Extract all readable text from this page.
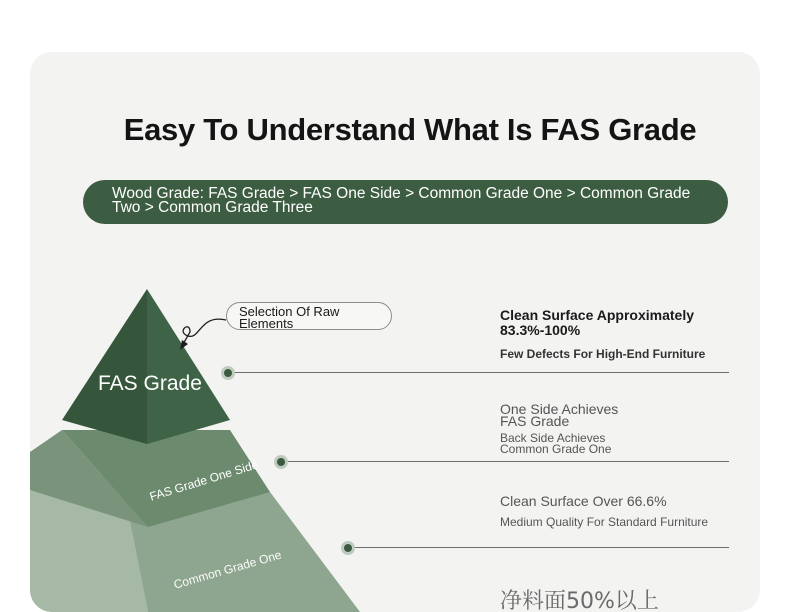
Easy To Understand What Is FAS Grade
Wood Grade: FAS Grade > FAS One Side > Common Grade One > Common Grade Two > Common Grade Three
Selection Of Raw Elements
FAS Grade
FAS Grade One Side
Common Grade One
Clean Surface Approximately 83.3%-100%
Few Defects For High-End Furniture
One Side Achieves FAS Grade
Back Side Achieves Common Grade One
Clean Surface Over 66.6%
Medium Quality For Standard Furniture
净料面50%以上
